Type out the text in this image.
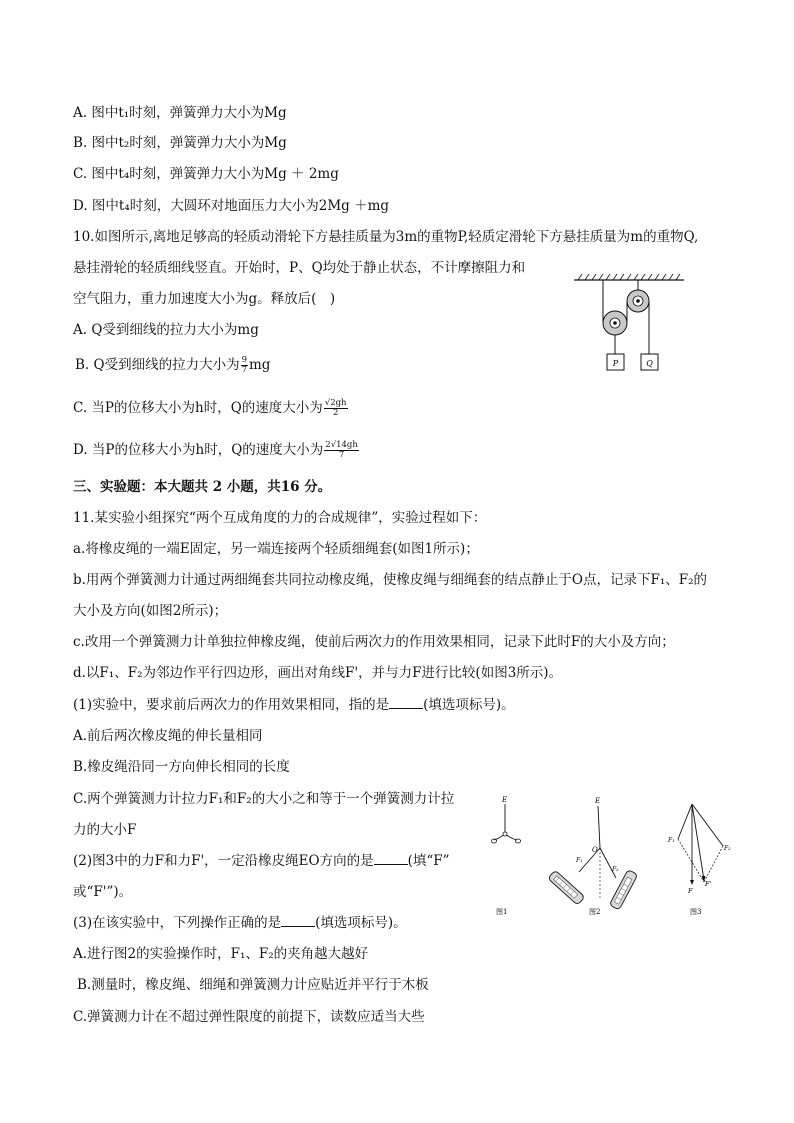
A. 图中t₁时刻，弹簧弹力大小为Mg
B. 图中t₂时刻，弹簧弹力大小为Mg
C. 图中t₄时刻，弹簧弹力大小为Mg ＋ 2mg
D. 图中t₄时刻，大圆环对地面压力大小为2Mg ＋mg
10.如图所示,离地足够高的轻质动滑轮下方悬挂质量为3m的重物P,轻质定滑轮下方悬挂质量为m的重物Q,
悬挂滑轮的轻质细线竖直。开始时，P、Q均处于静止状态，不计摩擦阻力和
空气阻力，重力加速度大小为g。释放后(　)
A. Q受到细线的拉力大小为mg
B. Q受到细线的拉力大小为 $\frac{9}{7}$ mg
C. 当P的位移大小为h时，Q的速度大小为 $\frac{√2gh}{2}$
D. 当P的位移大小为h时，Q的速度大小为 $\frac{2√14gh}{7}$
P	Q
三、实验题：本大题共 2 小题，共16 分。
11.某实验小组探究“两个互成角度的力的合成规律”，实验过程如下：
a.将橡皮绳的一端E固定，另一端连接两个轻质细绳套(如图1所示)；
b.用两个弹簧测力计通过两细绳套共同拉动橡皮绳，使橡皮绳与细绳套的结点静止于O点，记录下F₁、F₂的
大小及方向(如图2所示)；
c.改用一个弹簧测力计单独拉伸橡皮绳，使前后两次力的作用效果相同，记录下此时F的大小及方向；
d.以F₁、F₂为邻边作平行四边形，画出对角线F'，并与力F进行比较(如图3所示)。
(1)实验中，要求前后两次力的作用效果相同，指的是	(填选项标号)。
A.前后两次橡皮绳的伸长量相同
B.橡皮绳沿同一方向伸长相同的长度
C.两个弹簧测力计拉力F₁和F₂的大小之和等于一个弹簧测力计拉
力的大小F
(2)图3中的力F和力F'，一定沿橡皮绳EO方向的是	(填“F”
或“F'”)。
(3)在该实验中，下列操作正确的是	(填选项标号)。
A.进行图2的实验操作时，F₁、F₂的夹角越大越好
B.测量时，橡皮绳、细绳和弹簧测力计应贴近并平行于木板
C.弹簧测力计在不超过弹性限度的前提下，读数应适当大些
E
图1
E
O
F₁
F₂
图2
F₁
F₂
F
F'
图3
